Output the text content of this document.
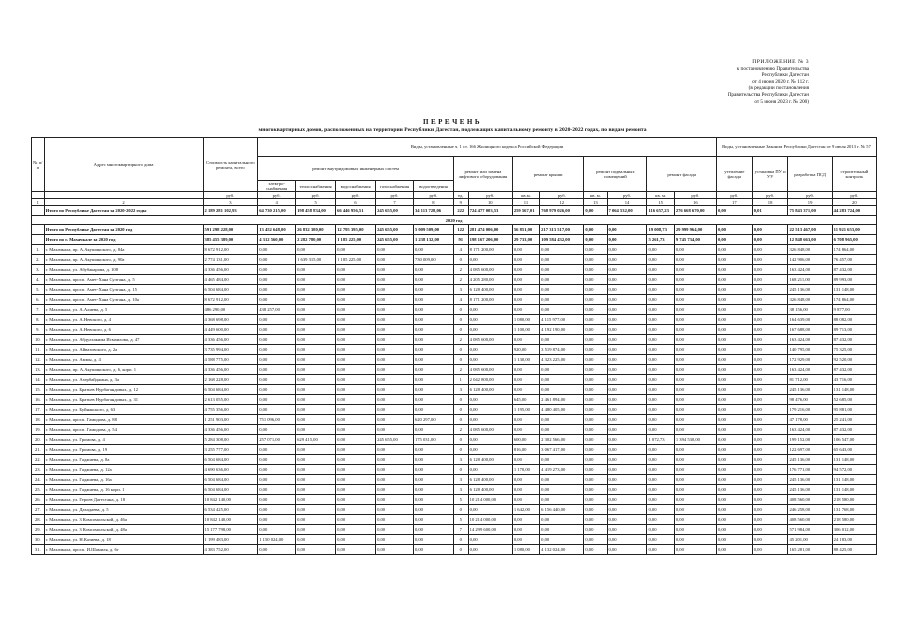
ПРИЛОЖЕНИЕ № 3
к постановлению Правительства
Республики Дагестан
от 4 июня 2020 г. № 112 г.
(в редакции постановления
Правительства Республики Дагестан
от 5 июня 2023 г. № 200)
ПЕРЕЧЕНЬ
многоквартирных домов, расположенных на территории Республики Дагестан, подлежащих капитальному ремонту в 2020-2022 годах, по видам ремонта
№ п/п	Адрес многоквартирного дома	Стоимость капитального ремонта, всего	Виды, установленные ч. 1 ст. 166 Жилищного кодекса Российской Федерации													Виды, установленные Законом Республики Дагестан от 9 июля 2013 г. № 57			
			ремонт внутридомовых инженерных систем					ремонт или замена лифтового оборудования		ремонт крыши		ремонт подвальных помещений		ремонт фасада		утепление фасада	установка ПУ и УУ	разработка ПСД	строительный контроль
			электро-снабжения	теплоснабжения	водоснабжения	газоснабжения	водоотведения												
		руб.	руб.	руб.	руб.	руб.	руб.	ед.	руб.	кв.м.	руб.	кв. м.	руб.	кв. м.	руб.	руб.	руб.	руб.	руб.
1	2	3	4	5	6	7	8	9	10	11	12	13	14	15	16	17	18	19	20
	Итого по Республике Дагестан за 2020-2022 годы	2 189 281 102,93	64 730 215,00	198 458 834,00	66 446 956,51	245 655,00	34 113 728,06	222	724 477 003,53	259 567,01	768 979 026,00	0,00	7 064 532,00	116 657,23	276 668 670,00	0,00	0,01	75 843 371,00	44 283 724,00
2020 год																			
	Итого по Республике Дагестан за 2020 год	591 298 228,00	13 452 648,00	26 832 380,00	12 795 395,00	245 655,00	5 009 509,00	122	281 474 006,00	56 851,00	217 313 517,00	0,00	0,00	19 008,73	29 999 964,00	0,00	0,00	22 513 467,00	11 921 653,00
	Итого по г. Махачкале за 2020 год	385 455 389,00	4 312 560,00	2 282 780,00	1 185 225,00	245 655,00	1 238 132,00	91	198 167 206,00	29 733,00	109 584 432,00	0,00	0,00	5 261,73	9 745 734,00	0,00	0,00	12 848 663,00	6 708 965,00
1.	г. Махачкала, пр. А.Акушинского, д. 84а	8 672 912,00	0,00	0,00	0,00	0,00	0,00	4	8 171 200,00	0,00	0,00	0,00	0,00	0,00	0,00	0,00	0,00	326 848,00	174 864,00
2.	г. Махачкала, пр. А.Акушинского, д. 90а	2 774 131,00	0,00	1 639 315,00	1 185 225,00	0,00	730 009,00	0	0,00	0,00	0,00	0,00	0,00	0,00	0,00	0,00	0,00	142 906,00	76 457,00
3.	г. Махачкала, ул. Абубакарова, д. 108	4 336 456,00	0,00	0,00	0,00	0,00	0,00	2	4 085 600,00	0,00	0,00	0,00	0,00	0,00	0,00	0,00	0,00	163 424,00	87 432,00
4.	г. Махачкала, просп. Амет-Хана Султана, д. 5	4 465 484,00	0,00	0,00	0,00	0,00	0,00	2	4 205 280,00	0,00	0,00	0,00	0,00	0,00	0,00	0,00	0,00	168 211,00	89 993,00
5.	г. Махачкала, просп. Амет-Хана Султана, д. 15	6 504 684,00	0,00	0,00	0,00	0,00	0,00	3	6 128 400,00	0,00	0,00	0,00	0,00	0,00	0,00	0,00	0,00	245 136,00	131 148,00
6.	г. Махачкала, просп. Амет-Хана Султана, д. 10а	8 672 912,00	0,00	0,00	0,00	0,00	0,00	4	8 171 200,00	0,00	0,00	0,00	0,00	0,00	0,00	0,00	0,00	326 848,00	174 864,00
7.	г. Махачкала, ул. А.Алиева, д. 5	486 290,00	438 257,00	0,00	0,00	0,00	0,00	0	0,00	0,00	0,00	0,00	0,00	0,00	0,00	0,00	0,00	38 156,00	9 877,00
8.	г. Махачкала, ул. А.Невского, д. 4	4 368 698,00	0,00	0,00	0,00	0,00	0,00	0	0,00	1 080,00	4 115 977,00	0,00	0,00	0,00	0,00	0,00	0,00	164 639,00	88 082,00
9.	г. Махачкала, ул. А.Невского, д. 6	4 449 600,00	0,00	0,00	0,00	0,00	0,00	0	0,00	1 100,00	4 192 190,00	0,00	0,00	0,00	0,00	0,00	0,00	167 688,00	89 713,00
10.	г. Махачкала, ул. Абдулхакима Исмаилова, д. 47	4 336 456,00	0,00	0,00	0,00	0,00	0,00	2	4 085 600,00	0,00	0,00	0,00	0,00	0,00	0,00	0,00	0,00	163 424,00	87 432,00
11.	г. Махачкала, ул. Айвазовского, д. 2а	3 735 994,00	0,00	0,00	0,00	0,00	0,00	0	0,00	920,00	3 519 874,00	0,00	0,00	0,00	0,00	0,00	0,00	140 795,00	75 325,00
12.	г. Махачкала, ул. Аммы, д. 4	4 588 775,00	0,00	0,00	0,00	0,00	0,00	0	0,00	1 130,00	4 323 225,00	0,00	0,00	0,00	0,00	0,00	0,00	172 929,00	92 520,00
13.	г. Махачкала, пр. А.Акушинского, д. 6, корп. 1	4 336 456,00	0,00	0,00	0,00	0,00	0,00	2	4 085 600,00	0,00	0,00	0,00	0,00	0,00	0,00	0,00	0,00	163 424,00	87 432,00
14.	г. Махачкала, ул. Азербайджана, д. 3а	2 168 228,00	0,00	0,00	0,00	0,00	0,00	1	2 042 800,00	0,00	0,00	0,00	0,00	0,00	0,00	0,00	0,00	81 712,00	43 716,00
15.	г. Махачкала, ул. Братьев Нурбагандовых, д. 12	6 504 684,00	0,00	0,00	0,00	0,00	0,00	3	6 128 400,00	0,00	0,00	0,00	0,00	0,00	0,00	0,00	0,00	245 136,00	131 148,00
16.	г. Махачкала, ул. Братьев Нурбагандовых, д. 31	2 613 055,00	0,00	0,00	0,00	0,00	0,00	0	0,00	645,00	2 461 894,00	0,00	0,00	0,00	0,00	0,00	0,00	98 476,00	52 685,00
17.	г. Махачкала, ул. Буйнакского, д. 63	4 755 356,00	0,00	0,00	0,00	0,00	0,00	0	0,00	1 195,00	4 480 405,00	0,00	0,00	0,00	0,00	0,00	0,00	179 216,00	95 881,00
18.	г. Махачкала, просп. Гамидова, д. 88	1 251 903,00	751 096,00	0,00	0,00	0,00	620 297,00	0	0,00	0,00	0,00	0,00	0,00	0,00	0,00	0,00	0,00	47 178,00	25 241,00
19.	г. Махачкала, просп. Гамидова, д. 54	4 336 456,00	0,00	0,00	0,00	0,00	0,00	2	4 085 600,00	0,00	0,00	0,00	0,00	0,00	0,00	0,00	0,00	163 424,00	87 432,00
20.	г. Махачкала, ул. Громова, д. 4	5 284 308,00	257 071,00	629 415,00	0,00	245 655,00	175 031,00	0	0,00	600,00	2 302 566,00	0,00	0,00	1 072,73	1 394 530,00	0,00	0,00	199 152,00	106 547,00
21.	г. Махачкала, ул. Громова, д. 19	3 255 777,00	0,00	0,00	0,00	0,00	0,00	0	0,00	816,00	3 067 417,00	0,00	0,00	0,00	0,00	0,00	0,00	122 697,00	65 643,00
22.	г. Махачкала, ул. Гаджиева, д. 8а	6 504 684,00	0,00	0,00	0,00	0,00	0,00	3	6 128 400,00	0,00	0,00	0,00	0,00	0,00	0,00	0,00	0,00	245 136,00	131 148,00
23.	г. Махачкала, ул. Гаджиева, д. 12а	4 690 636,00	0,00	0,00	0,00	0,00	0,00	0	0,00	1 170,00	4 419 273,00	0,00	0,00	0,00	0,00	0,00	0,00	176 771,00	94 572,00
24.	г. Махачкала, ул. Гаджиева, д. 16а	6 504 684,00	0,00	0,00	0,00	0,00	0,00	3	6 128 400,00	0,00	0,00	0,00	0,00	0,00	0,00	0,00	0,00	245 136,00	131 148,00
25.	г. Махачкала, ул. Гаджиева, д. 16 корп. 1	6 504 684,00	0,00	0,00	0,00	0,00	0,00	3	6 128 400,00	0,00	0,00	0,00	0,00	0,00	0,00	0,00	0,00	245 136,00	131 148,00
26.	г. Махачкала, ул. Героев Дагестана, д. 18	10 842 140,00	0,00	0,00	0,00	0,00	0,00	5	10 214 000,00	0,00	0,00	0,00	0,00	0,00	0,00	0,00	0,00	408 560,00	218 580,00
27.	г. Махачкала, ул. Дахадаева, д. 5	6 534 425,00	0,00	0,00	0,00	0,00	0,00	0	0,00	1 642,00	6 156 440,00	0,00	0,00	0,00	0,00	0,00	0,00	246 258,00	131 768,00
28.	г. Махачкала, ул. 3 Комсомольской, д. 46а	10 842 140,00	0,00	0,00	0,00	0,00	0,00	5	10 214 000,00	0,00	0,00	0,00	0,00	0,00	0,00	0,00	0,00	408 560,00	218 580,00
29.	г. Махачкала, ул. 3 Комсомольской, д. 48а	15 177 798,00	0,00	0,00	0,00	0,00	0,00	7	14 299 600,00	0,00	0,00	0,00	0,00	0,00	0,00	0,00	0,00	571 984,00	306 012,00
30.	г. Махачкала, ул. Н.Казиева, д. 18	1 199 483,00	1 150 024,00	0,00	0,00	0,00	0,00	0	0,00	0,00	0,00	0,00	0,00	0,00	0,00	0,00	0,00	45 201,00	24 183,00
31.	г. Махачкала, просп. И.Шамиля, д. 6г	4 383 752,00	0,00	0,00	0,00	0,00	0,00	0	0,00	1 080,00	4 132 024,00	0,00	0,00	0,00	0,00	0,00	0,00	165 281,00	88 425,00
